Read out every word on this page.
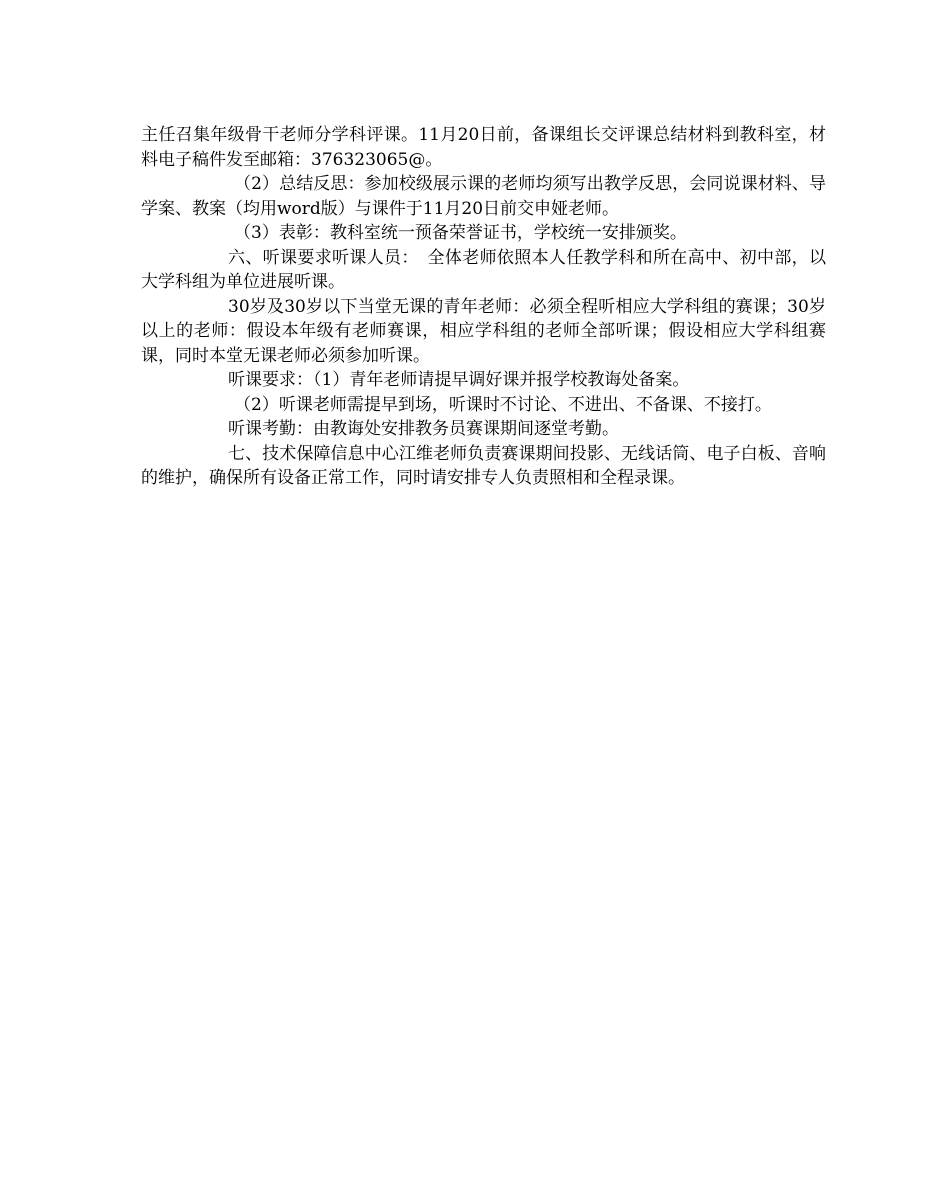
主任召集年级骨干老师分学科评课。11月20日前，备课组长交评课总结材料到教科室，材料电子稿件发至邮箱：376323065@。

（2）总结反思：参加校级展示课的老师均须写出教学反思，会同说课材料、导学案、教案（均用word版）与课件于11月20日前交申娅老师。

（3）表彰：教科室统一预备荣誉证书，学校统一安排颁奖。

六、听课要求听课人员：　全体老师依照本人任教学科和所在高中、初中部，以大学科组为单位进展听课。

30岁及30岁以下当堂无课的青年老师：必须全程听相应大学科组的赛课；30岁以上的老师：假设本年级有老师赛课，相应学科组的老师全部听课；假设相应大学科组赛课，同时本堂无课老师必须参加听课。

听课要求：（1）青年老师请提早调好课并报学校教诲处备案。

（2）听课老师需提早到场，听课时不讨论、不进出、不备课、不接打。

听课考勤：由教诲处安排教务员赛课期间逐堂考勤。

七、技术保障信息中心江维老师负责赛课期间投影、无线话筒、电子白板、音响的维护，确保所有设备正常工作，同时请安排专人负责照相和全程录课。
